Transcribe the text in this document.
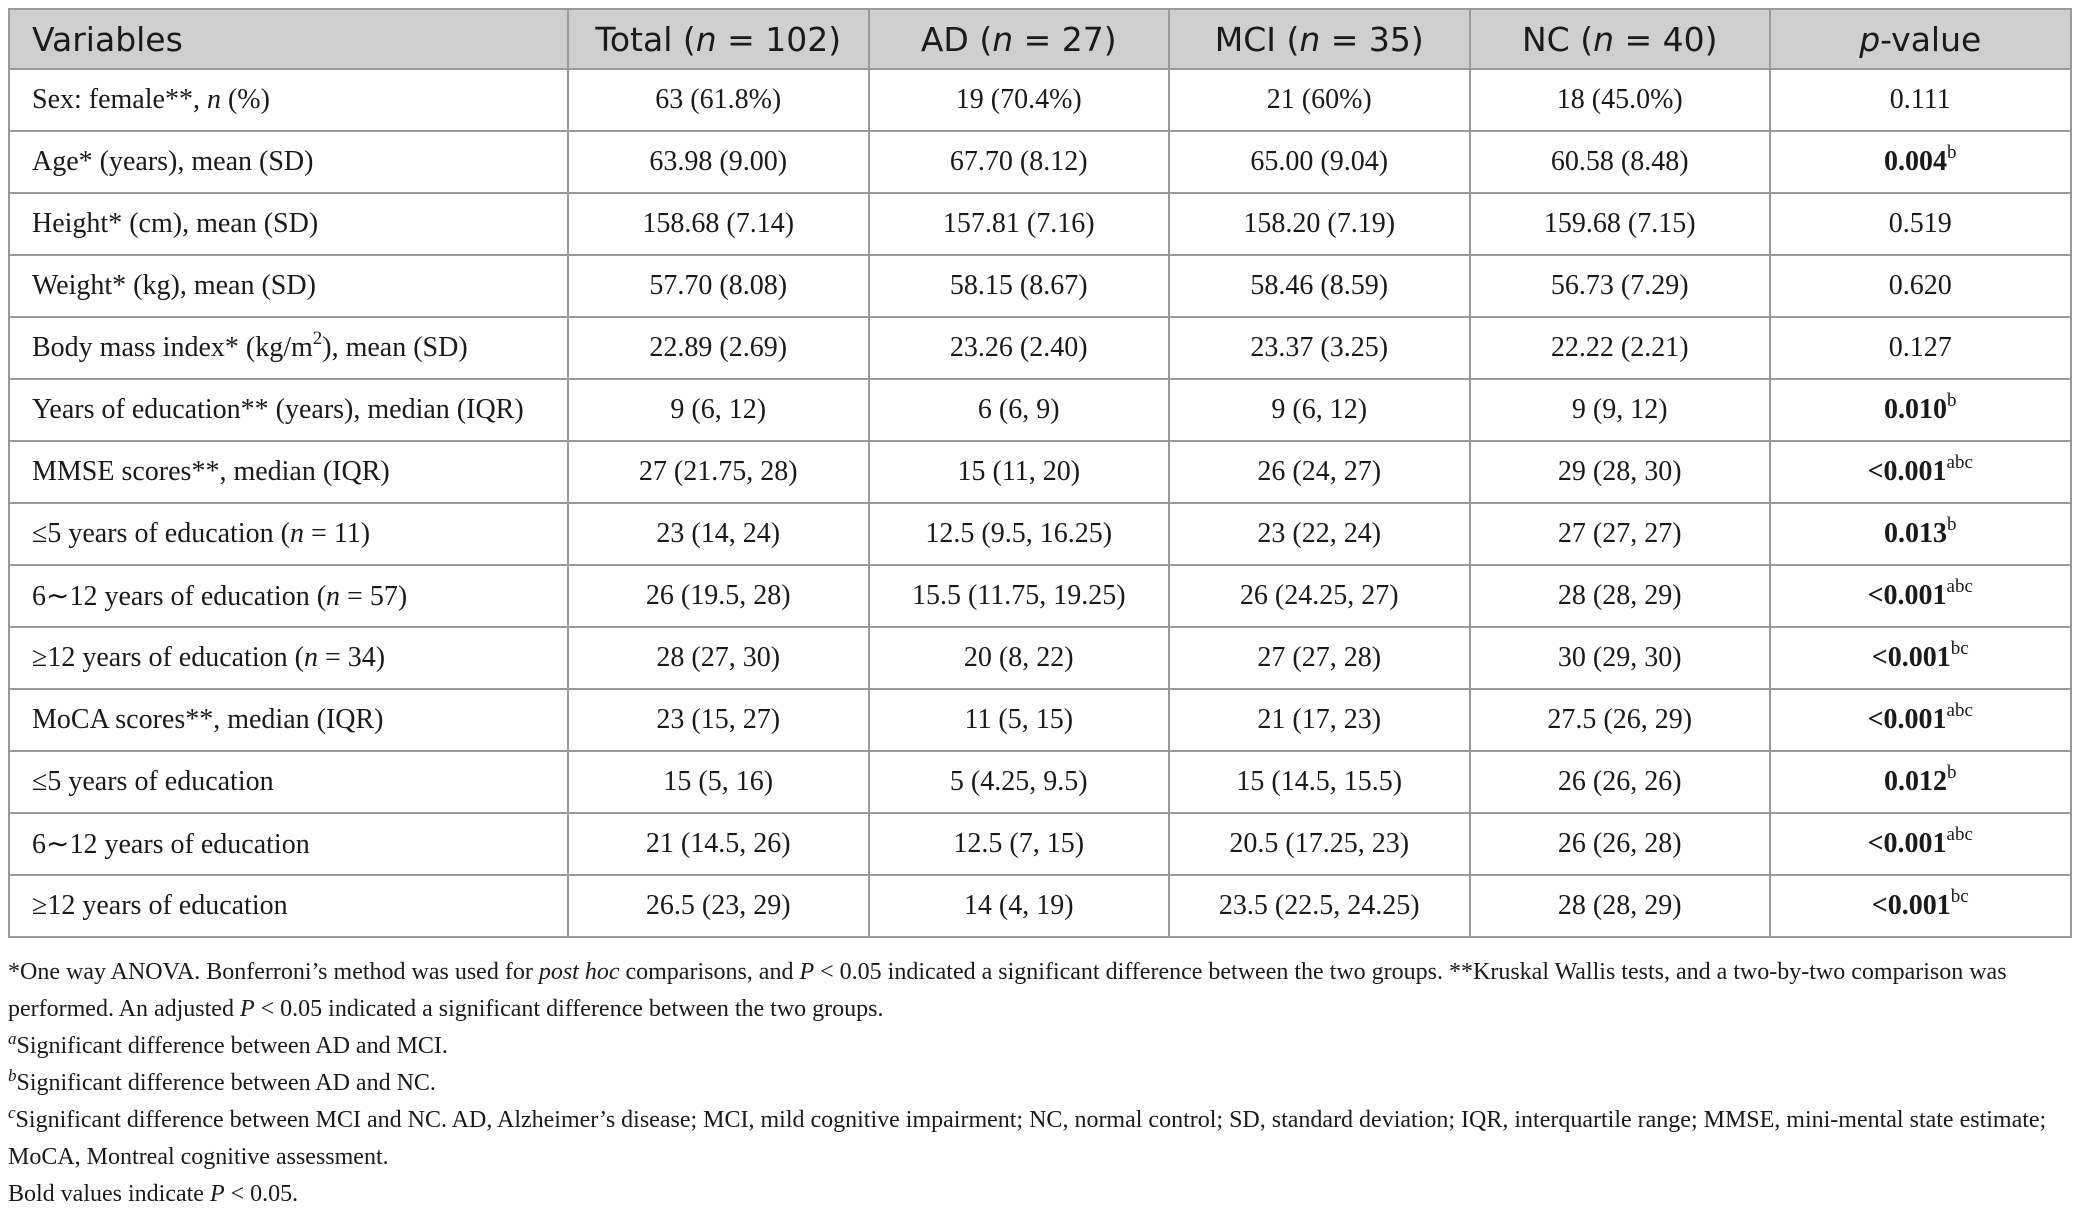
Variables	Total (n = 102)	AD (n = 27)	MCI (n = 35)	NC (n = 40)	p-value
Sex: female**, n (%)	63 (61.8%)	19 (70.4%)	21 (60%)	18 (45.0%)	0.111
Age* (years), mean (SD)	63.98 (9.00)	67.70 (8.12)	65.00 (9.04)	60.58 (8.48)	0.004$^b$
Height* (cm), mean (SD)	158.68 (7.14)	157.81 (7.16)	158.20 (7.19)	159.68 (7.15)	0.519
Weight* (kg), mean (SD)	57.70 (8.08)	58.15 (8.67)	58.46 (8.59)	56.73 (7.29)	0.620
Body mass index* $(kg/m^2)$, mean (SD)	22.89 (2.69)	23.26 (2.40)	23.37 (3.25)	22.22 (2.21)	0.127
Years of education** (years), median (IQR)	9 (6, 12)	6 (6, 9)	9 (6, 12)	9 (9, 12)	0.010$^b$
MMSE scores**, median (IQR)	27 (21.75, 28)	15 (11, 20)	26 (24, 27)	29 (28, 30)	<0.001$^{abc}$
≤5 years of education (n = 11)	23 (14, 24)	12.5 (9.5, 16.25)	23 (22, 24)	27 (27, 27)	0.013$^b$
6∼12 years of education (n = 57)	26 (19.5, 28)	15.5 (11.75, 19.25)	26 (24.25, 27)	28 (28, 29)	<0.001$^{abc}$
≥12 years of education (n = 34)	28 (27, 30)	20 (8, 22)	27 (27, 28)	30 (29, 30)	<0.001$^{bc}$
MoCA scores**, median (IQR)	23 (15, 27)	11 (5, 15)	21 (17, 23)	27.5 (26, 29)	<0.001$^{abc}$
≤5 years of education	15 (5, 16)	5 (4.25, 9.5)	15 (14.5, 15.5)	26 (26, 26)	0.012$^b$
6∼12 years of education	21 (14.5, 26)	12.5 (7, 15)	20.5 (17.25, 23)	26 (26, 28)	<0.001$^{abc}$
≥12 years of education	26.5 (23, 29)	14 (4, 19)	23.5 (22.5, 24.25)	28 (28, 29)	<0.001$^{bc}$

*One way ANOVA. Bonferroni’s method was used for post hoc comparisons, and P < 0.05 indicated a significant difference between the two groups. **Kruskal Wallis tests, and a two-by-two comparison was performed. An adjusted P < 0.05 indicated a significant difference between the two groups.

$^a$Significant difference between AD and MCI.

$^b$Significant difference between AD and NC.

$^c$Significant difference between MCI and NC. AD, Alzheimer’s disease; MCI, mild cognitive impairment; NC, normal control; SD, standard deviation; IQR, interquartile range; MMSE, mini-mental state estimate; MoCA, Montreal cognitive assessment.

Bold values indicate P < 0.05.
